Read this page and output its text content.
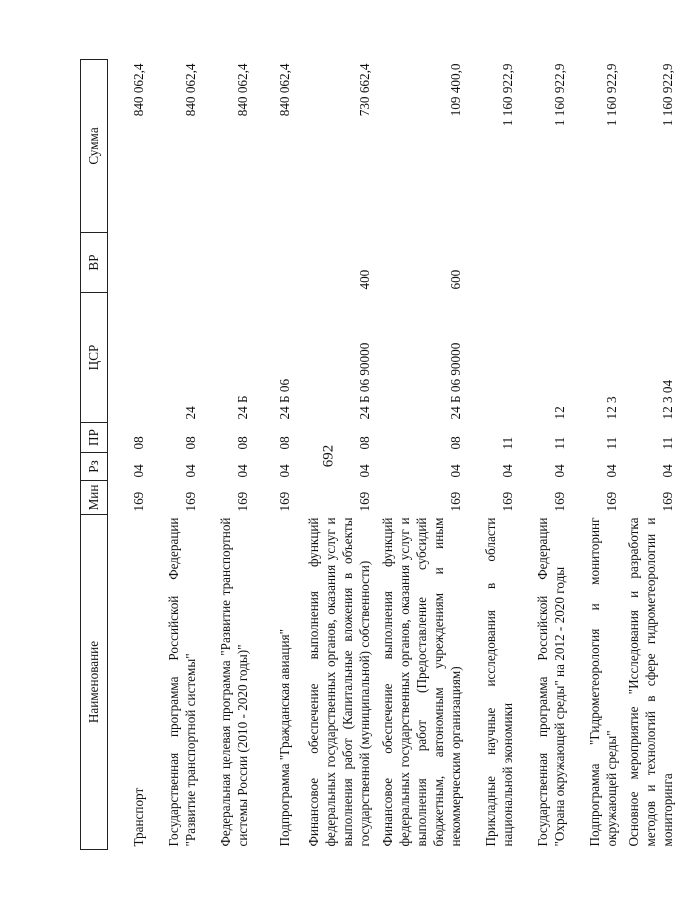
692
Наименование	Мин	Рз	ПР	ЦСР	ВР	Сумма
Транспорт	169	04	08			840 062,4
Государственная программа Российской Федерации "Развитие транспортной системы"	169	04	08	24		840 062,4
Федеральная целевая программа "Развитие транспортной системы России (2010 - 2020 годы)"	169	04	08	24 Б		840 062,4
Подпрограмма "Гражданская авиация"	169	04	08	24 Б 06		840 062,4
Финансовое обеспечение выполнения функций федеральных государственных органов, оказания услуг и выполнения работ (Капитальные вложения в объекты государственной (муниципальной) собственности)	169	04	08	24 Б 06 90000	400	730 662,4
Финансовое обеспечение выполнения функций федеральных государственных органов, оказания услуг и выполнения работ (Предоставление субсидий бюджетным, автономным учреждениям и иным некоммерческим организациям)	169	04	08	24 Б 06 90000	600	109 400,0
Прикладные научные исследования в области национальной экономики	169	04	11			1 160 922,9
Государственная программа Российской Федерации "Охрана окружающей среды" на 2012 - 2020 годы	169	04	11	12		1 160 922,9
Подпрограмма "Гидрометеорология и мониторинг окружающей среды"	169	04	11	12 3		1 160 922,9
Основное мероприятие "Исследования и разработка методов и технологий в сфере гидрометеорологии и мониторинга	169	04	11	12 3 04		1 160 922,9
